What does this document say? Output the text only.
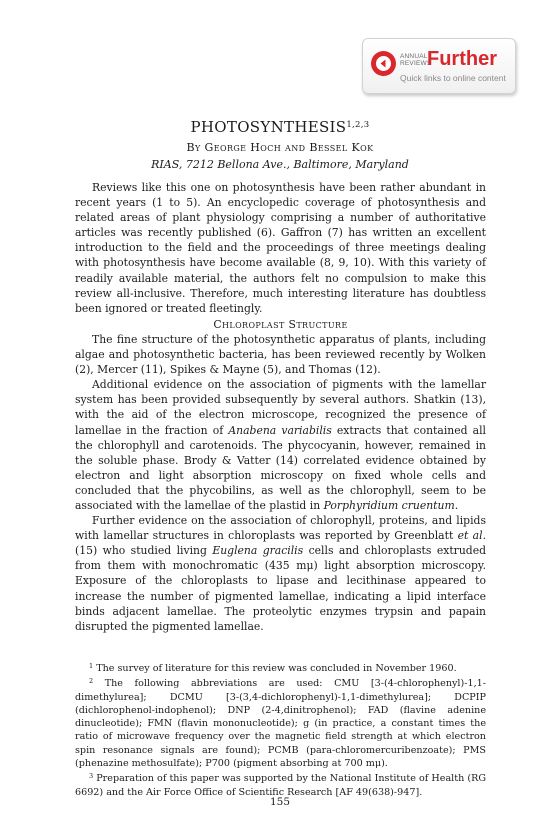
ANNUAL
REVIEWS
Further
Quick links to online content
PHOTOSYNTHESIS$^{1,2,3}$
By George Hoch and Bessel Kok
RIAS, 7212 Bellona Ave., Baltimore, Maryland

Reviews like this one on photosynthesis have been rather abundant in recent years (1 to 5). An encyclopedic coverage of photosynthesis and related areas of plant physiology comprising a number of authoritative articles was recently published (6). Gaffron (7) has written an excellent introduction to the field and the proceedings of three meetings dealing with photosynthesis have become available (8, 9, 10). With this variety of readily available material, the authors felt no compulsion to make this review all-inclusive. Therefore, much interesting literature has doubtless been ignored or treated fleetingly.

Chloroplast Structure

The fine structure of the photosynthetic apparatus of plants, including algae and photosynthetic bacteria, has been reviewed recently by Wolken (2), Mercer (11), Spikes & Mayne (5), and Thomas (12).

Additional evidence on the association of pigments with the lamellar system has been provided subsequently by several authors. Shatkin (13), with the aid of the electron microscope, recognized the presence of lamellae in the fraction of Anabena variabilis extracts that contained all the chlorophyll and carotenoids. The phycocyanin, however, remained in the soluble phase. Brody & Vatter (14) correlated evidence obtained by electron and light absorption microscopy on fixed whole cells and concluded that the phycobilins, as well as the chlorophyll, seem to be associated with the lamellae of the plastid in Porphyridium cruentum.

Further evidence on the association of chlorophyll, proteins, and lipids with lamellar structures in chloroplasts was reported by Greenblatt et al. (15) who studied living Euglena gracilis cells and chloroplasts extruded from them with monochromatic (435 mμ) light absorption microscopy. Exposure of the chloroplasts to lipase and lecithinase appeared to increase the number of pigmented lamellae, indicating a lipid interface binds adjacent lamellae. The proteolytic enzymes trypsin and papain disrupted the pigmented lamellae.

$^1$ The survey of literature for this review was concluded in November 1960.

$^2$ The following abbreviations are used: CMU [3-(4-chlorophenyl)-1,1-dimethylurea]; DCMU [3-(3,4-dichlorophenyl)-1,1-dimethylurea]; DCPIP (dichlorophenol-indophenol); DNP (2-4,dinitrophenol); FAD (flavine adenine dinucleotide); FMN (flavin mononucleotide); g (in practice, a constant times the ratio of microwave frequency over the magnetic field strength at which electron spin resonance signals are found); PCMB (para-chloromercuribenzoate); PMS (phenazine methosulfate); P700 (pigment absorbing at 700 mμ).

$^3$ Preparation of this paper was supported by the National Institute of Health (RG 6692) and the Air Force Office of Scientific Research [AF 49(638)-947].

155
